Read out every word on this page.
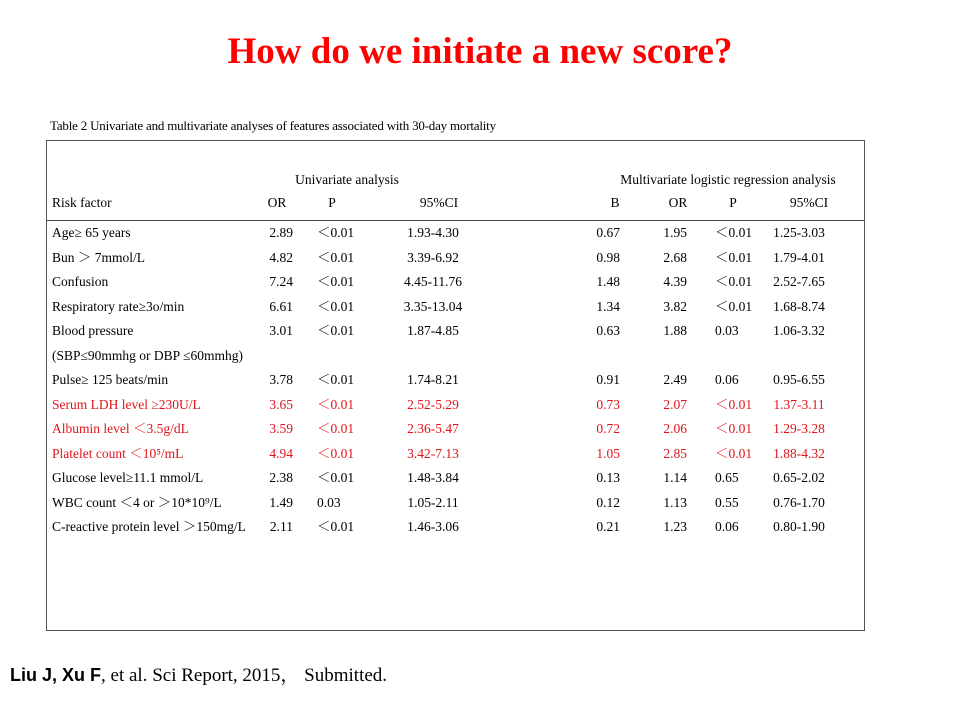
How do we initiate a new score?
Table 2 Univariate and multivariate analyses of features associated with 30-day mortality
Univariate analysis	Multivariate logistic regression analysis
Risk factor	OR	P	95%CI	B	OR	P	95%CI
Age≥ 65 years	2.89 ＜0.01	1.93-4.30	0.67	1.95 ＜0.01 1.25-3.03
Bun ＞ 7mmol/L	4.82 ＜0.01	3.39-6.92	0.98	2.68 ＜0.01 1.79-4.01
Confusion	7.24 ＜0.01	4.45-11.76	1.48	4.39 ＜0.01 2.52-7.65
Respiratory rate≥3o/min	6.61 ＜0.01	3.35-13.04	1.34	3.82 ＜0.01 1.68-8.74
Blood pressure	3.01 ＜0.01	1.87-4.85	0.63	1.88 0.03	1.06-3.32
(SBP≤90mmhg or DBP ≤60mmhg)
Pulse≥ 125 beats/min	3.78 ＜0.01	1.74-8.21	0.91	2.49 0.06	0.95-6.55
Serum LDH level ≥230U/L	3.65 ＜0.01	2.52-5.29	0.73	2.07 ＜0.01 1.37-3.11
Albumin level ＜3.5g/dL	3.59 ＜0.01	2.36-5.47	0.72	2.06 ＜0.01 1.29-3.28
Platelet count ＜10⁵/mL	4.94 ＜0.01	3.42-7.13	1.05	2.85 ＜0.01 1.88-4.32
Glucose level≥11.1 mmol/L	2.38 ＜0.01	1.48-3.84	0.13	1.14 0.65	0.65-2.02
WBC count ＜4 or ＞10*10⁹/L	1.49 0.03	1.05-2.11	0.12	1.13 0.55	0.76-1.70
C-reactive protein level ＞150mg/L 2.11 ＜0.01	1.46-3.06	0.21	1.23 0.06	0.80-1.90
Liu J, Xu F, et al. Sci Report, 2015， Submitted.
